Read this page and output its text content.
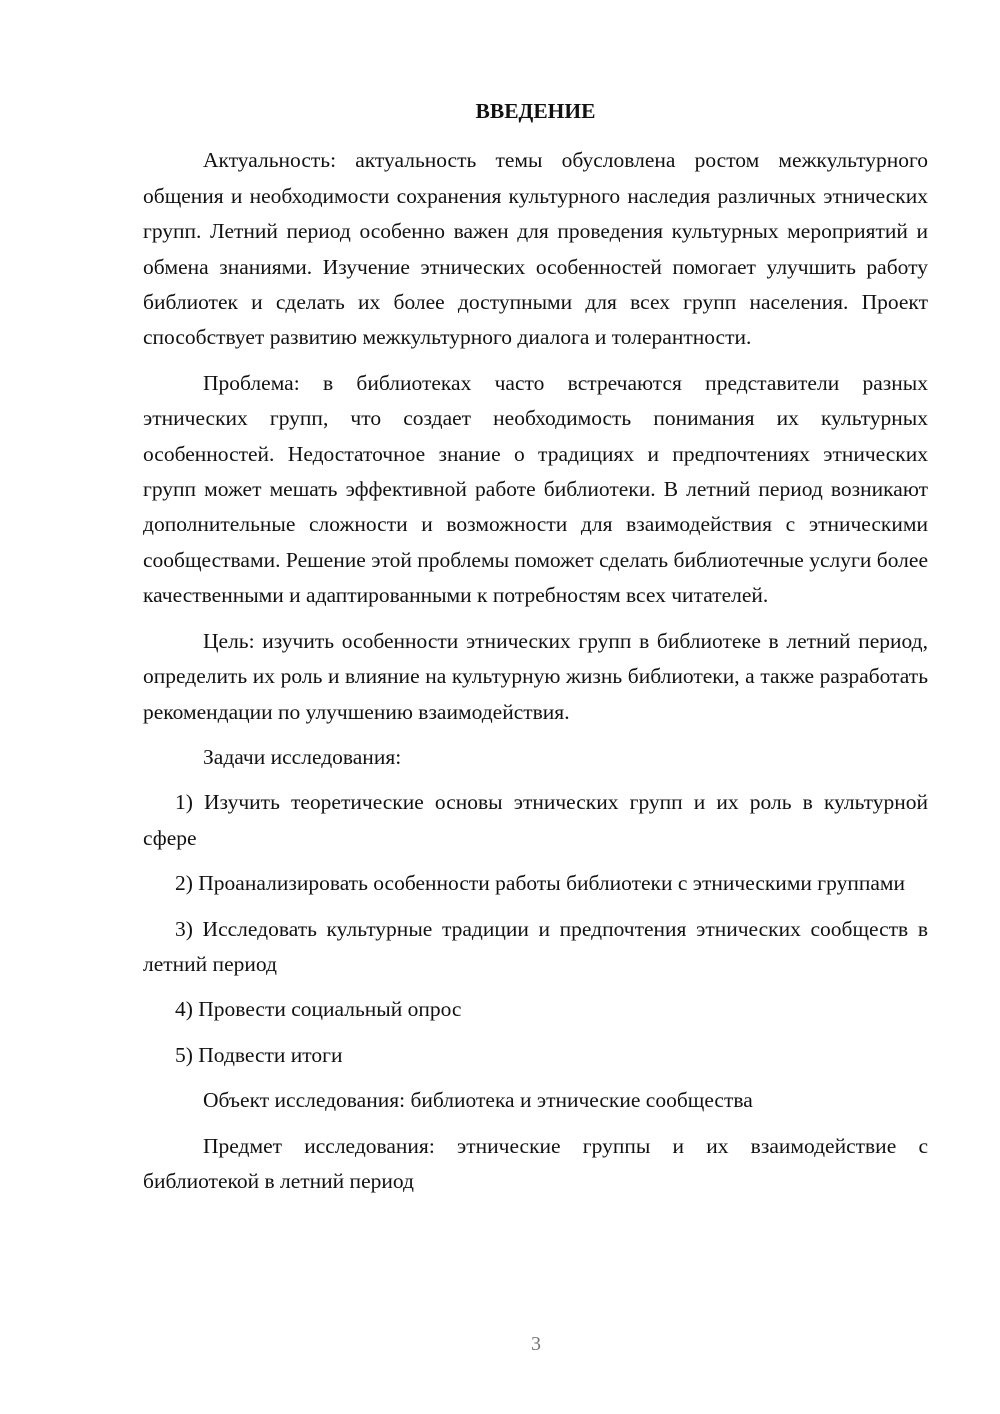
ВВЕДЕНИЕ

Актуальность: актуальность темы обусловлена ростом межкультурного общения и необходимости сохранения культурного наследия различных этнических групп. Летний период особенно важен для проведения культурных мероприятий и обмена знаниями. Изучение этнических особенностей помогает улучшить работу библиотек и сделать их более доступными для всех групп населения. Проект способствует развитию межкультурного диалога и толерантности.

Проблема: в библиотеках часто встречаются представители разных этнических групп, что создает необходимость понимания их культурных особенностей. Недостаточное знание о традициях и предпочтениях этнических групп может мешать эффективной работе библиотеки. В летний период возникают дополнительные сложности и возможности для взаимодействия с этническими сообществами. Решение этой проблемы поможет сделать библиотечные услуги более качественными и адаптированными к потребностям всех читателей.

Цель: изучить особенности этнических групп в библиотеке в летний период, определить их роль и влияние на культурную жизнь библиотеки, а также разработать рекомендации по улучшению взаимодействия.

Задачи исследования:

1) Изучить теоретические основы этнических групп и их роль в культурной сфере

2) Проанализировать особенности работы библиотеки с этническими группами

3) Исследовать культурные традиции и предпочтения этнических сообществ в летний период

4) Провести социальный опрос

5) Подвести итоги

Объект исследования: библиотека и этнические сообщества

Предмет исследования: этнические группы и их взаимодействие с библиотекой в летний период

3
